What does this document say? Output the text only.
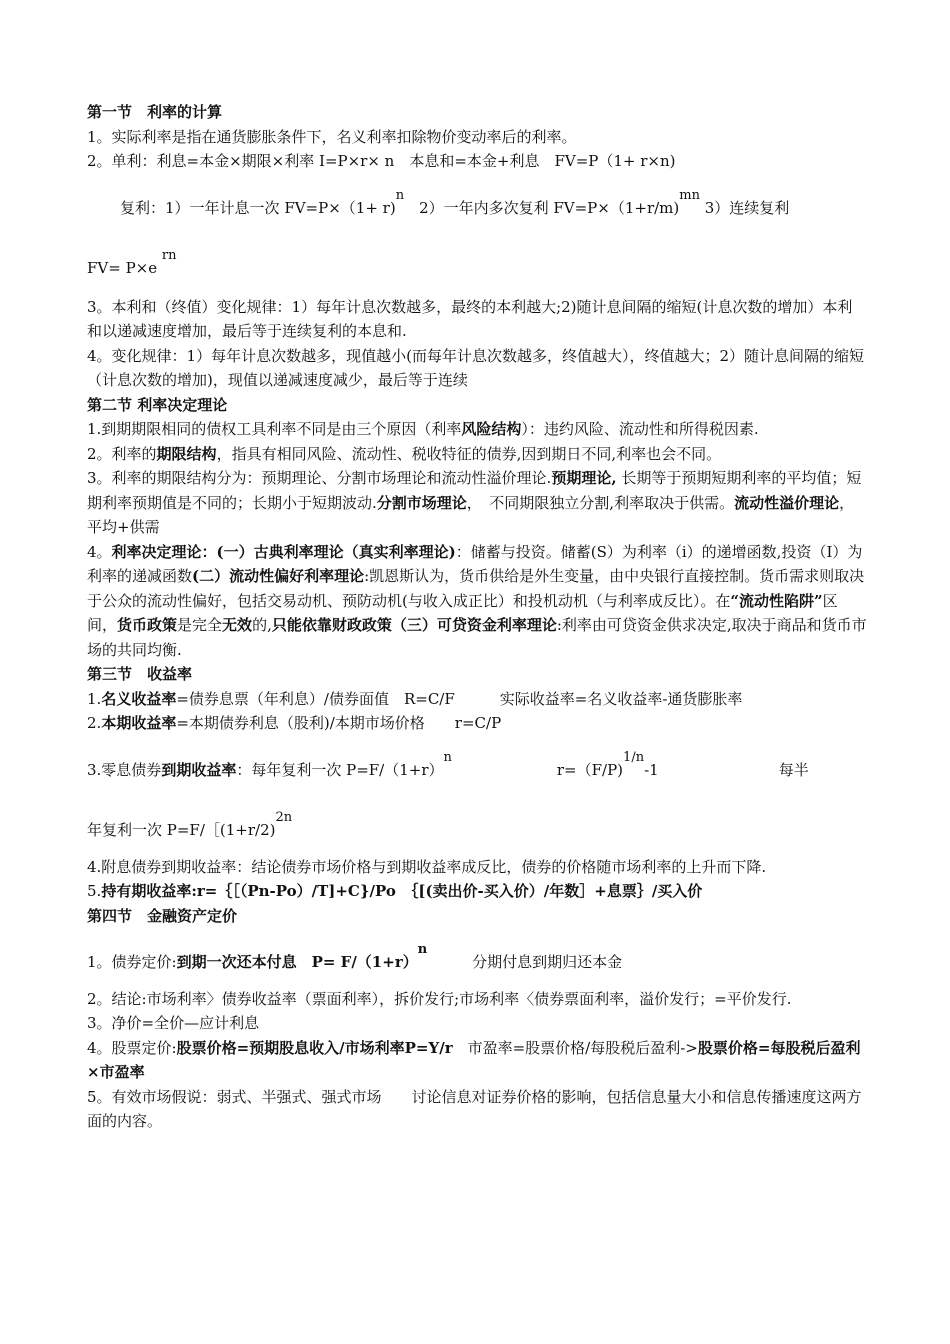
第一节　利率的计算
1。实际利率是指在通货膨胀条件下，名义利率扣除物价变动率后的利率。
2。单利：利息=本金×期限×利率 I=P×r× n　本息和=本金+利息　FV=P（1+ r×n)
　复利：1）一年计息一次 FV=P×（1+ r)$^n$　2）一年内多次复利 FV=P×（1+r/m)$^{mn}$ 3）连续复利
FV= P×e $^{rn}$
3。本利和（终值）变化规律：1）每年计息次数越多，最终的本利越大;2)随计息间隔的缩短(计息次数的增加）本利和以递减速度增加，最后等于连续复利的本息和.
4。变化规律：1）每年计息次数越多，现值越小(而每年计息次数越多，终值越大），终值越大；2）随计息间隔的缩短（计息次数的增加)，现值以递减速度减少，最后等于连续
第二节 利率决定理论
1.到期期限相同的债权工具利率不同是由三个原因（利率风险结构）：违约风险、流动性和所得税因素.
2。利率的期限结构，指具有相同风险、流动性、税收特征的债券,因到期日不同,利率也会不同。
3。利率的期限结构分为：预期理论、分割市场理论和流动性溢价理论.预期理论, 长期等于预期短期利率的平均值；短期利率预期值是不同的；长期小于短期波动.分割市场理论，　不同期限独立分割,利率取决于供需。流动性溢价理论，平均+供需
4。利率决定理论：(一）古典利率理论（真实利率理论)：储蓄与投资。储蓄(S）为利率（i）的递增函数,投资（I）为利率的递减函数(二）流动性偏好利率理论:凯恩斯认为，货币供给是外生变量，由中央银行直接控制。货币需求则取决于公众的流动性偏好，包括交易动机、预防动机(与收入成正比）和投机动机（与利率成反比）。在“流动性陷阱”区间，货币政策是完全无效的,只能依靠财政政策（三）可贷资金利率理论:利率由可贷资金供求决定,取决于商品和货币市场的共同均衡.
第三节　收益率
1.名义收益率=债券息票（年利息）/债券面值　R=C/F　　　实际收益率=名义收益率-通货膨胀率
2.本期收益率=本期债券利息（股利)/本期市场价格　　r=C/P
3.零息债券到期收益率：每年复利一次 $P=F/(1+r)^n$　　　　　　　r=（F/P)$^{1/n}$-1　　　　　　　　每半
年复利一次 $P=F/[(1+r/2)^{2n}$
4.附息债券到期收益率：结论债券市场价格与到期收益率成反比，债券的价格随市场利率的上升而下降.
5.持有期收益率:r=｛［（Pn-Po）/T]+C}/Po　｛[(卖出价-买入价）/年数］+息票｝/买入价
第四节　金融资产定价
1。债券定价:到期一次还本付息　$P= F/(1+r)^n$　　　分期付息到期归还本金
2。结论:市场利率〉债券收益率（票面利率），拆价发行;市场利率〈债券票面利率，溢价发行；=平价发行.
3。净价=全价—应计利息
4。股票定价:股票价格=预期股息收入/市场利率P=Y/r　市盈率=股票价格/每股税后盈利->股票价格=每股税后盈利×市盈率
5。有效市场假说：弱式、半强式、强式市场　　讨论信息对证券价格的影响，包括信息量大小和信息传播速度这两方面的内容。
